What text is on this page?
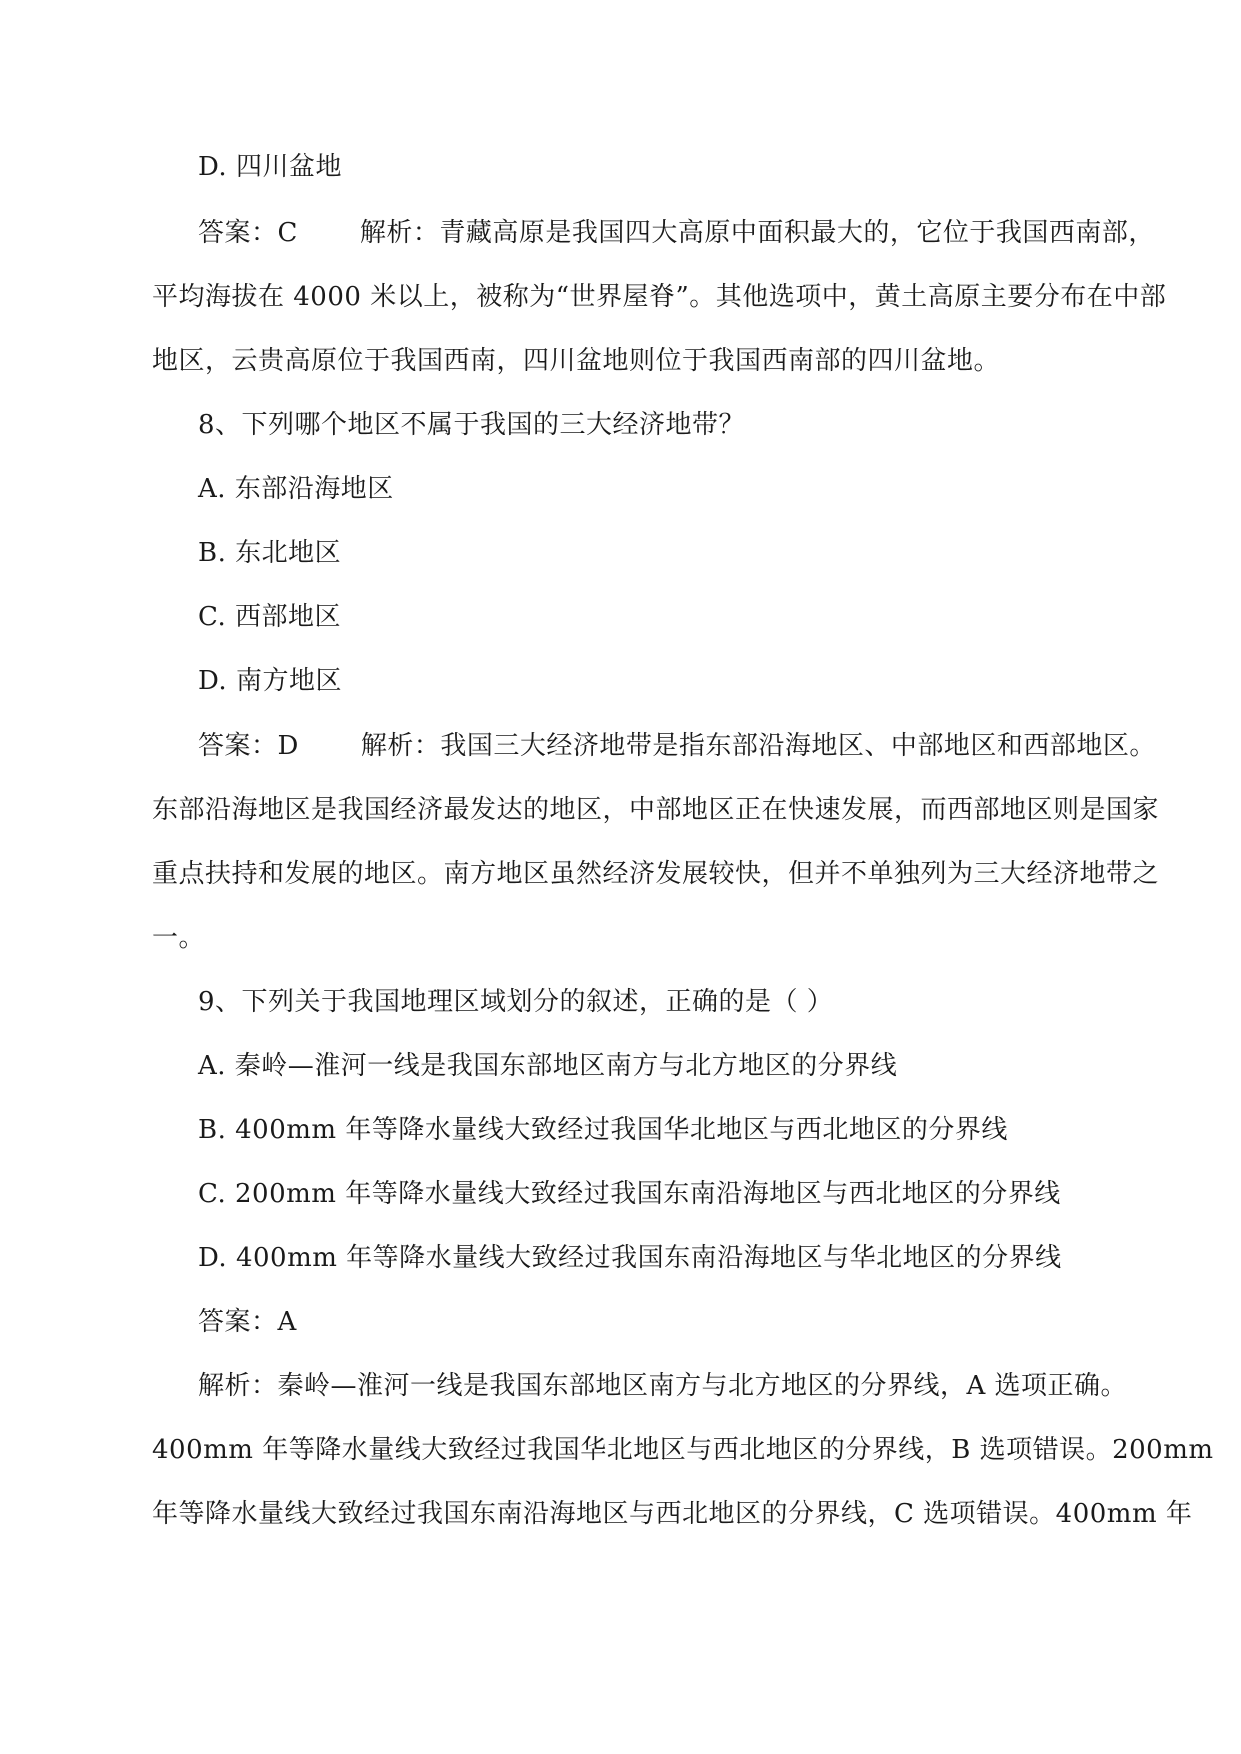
D. 四川盆地
答案：C 解析：青藏高原是我国四大高原中面积最大的，它位于我国西南部，
平均海拔在 4000 米以上，被称为“世界屋脊”。其他选项中，黄土高原主要分布在中部
地区，云贵高原位于我国西南，四川盆地则位于我国西南部的四川盆地。
8、下列哪个地区不属于我国的三大经济地带？
A. 东部沿海地区
B. 东北地区
C. 西部地区
D. 南方地区
答案：D 解析：我国三大经济地带是指东部沿海地区、中部地区和西部地区。
东部沿海地区是我国经济最发达的地区，中部地区正在快速发展，而西部地区则是国家
重点扶持和发展的地区。南方地区虽然经济发展较快，但并不单独列为三大经济地带之
一。
9、下列关于我国地理区域划分的叙述，正确的是（ ）
A. 秦岭—淮河一线是我国东部地区南方与北方地区的分界线
B. 400mm 年等降水量线大致经过我国华北地区与西北地区的分界线
C. 200mm 年等降水量线大致经过我国东南沿海地区与西北地区的分界线
D. 400mm 年等降水量线大致经过我国东南沿海地区与华北地区的分界线
答案：A
解析：秦岭—淮河一线是我国东部地区南方与北方地区的分界线，A 选项正确。
400mm 年等降水量线大致经过我国华北地区与西北地区的分界线，B 选项错误。200mm
年等降水量线大致经过我国东南沿海地区与西北地区的分界线，C 选项错误。400mm 年
